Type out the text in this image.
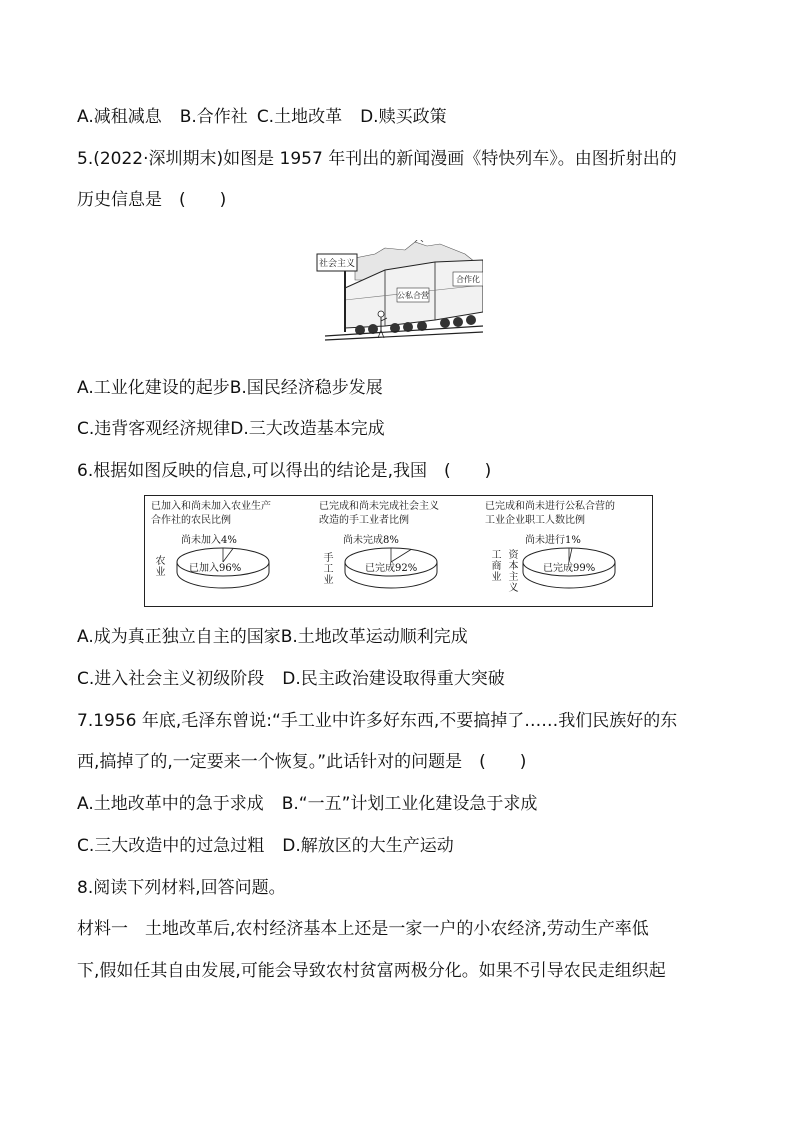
A.减租减息 B.合作社 C.土地改革 D.赎买政策
5.(2022·深圳期末)如图是 1957 年刊出的新闻漫画《特快列车》。由图折射出的
历史信息是　(　　)
社会主义
公私合营
合作化
A.工业化建设的起步B.国民经济稳步发展
C.违背客观经济规律D.三大改造基本完成
6.根据如图反映的信息,可以得出的结论是,我国　(　　)
已加入和尚未加入农业生产
合作社的农民比例
尚未加入4%
农业 已加入96%
已完成和尚未完成社会主义
改造的手工业者比例
尚未完成8%
手工业
已完成92%
已完成和尚未进行公私合营的
工业企业职工人数比例
尚未进行1%
工商业
资本主义
已完成99%
A.成为真正独立自主的国家B.土地改革运动顺利完成
C.进入社会主义初级阶段 D.民主政治建设取得重大突破
7.1956 年底,毛泽东曾说:“手工业中许多好东西,不要搞掉了……我们民族好的东
西,搞掉了的,一定要来一个恢复。”此话针对的问题是　(　　)
A.土地改革中的急于求成 B.“一五”计划工业化建设急于求成
C.三大改造中的过急过粗 D.解放区的大生产运动
8.阅读下列材料,回答问题。
材料一　土地改革后,农村经济基本上还是一家一户的小农经济,劳动生产率低
下,假如任其自由发展,可能会导致农村贫富两极分化。如果不引导农民走组织起
